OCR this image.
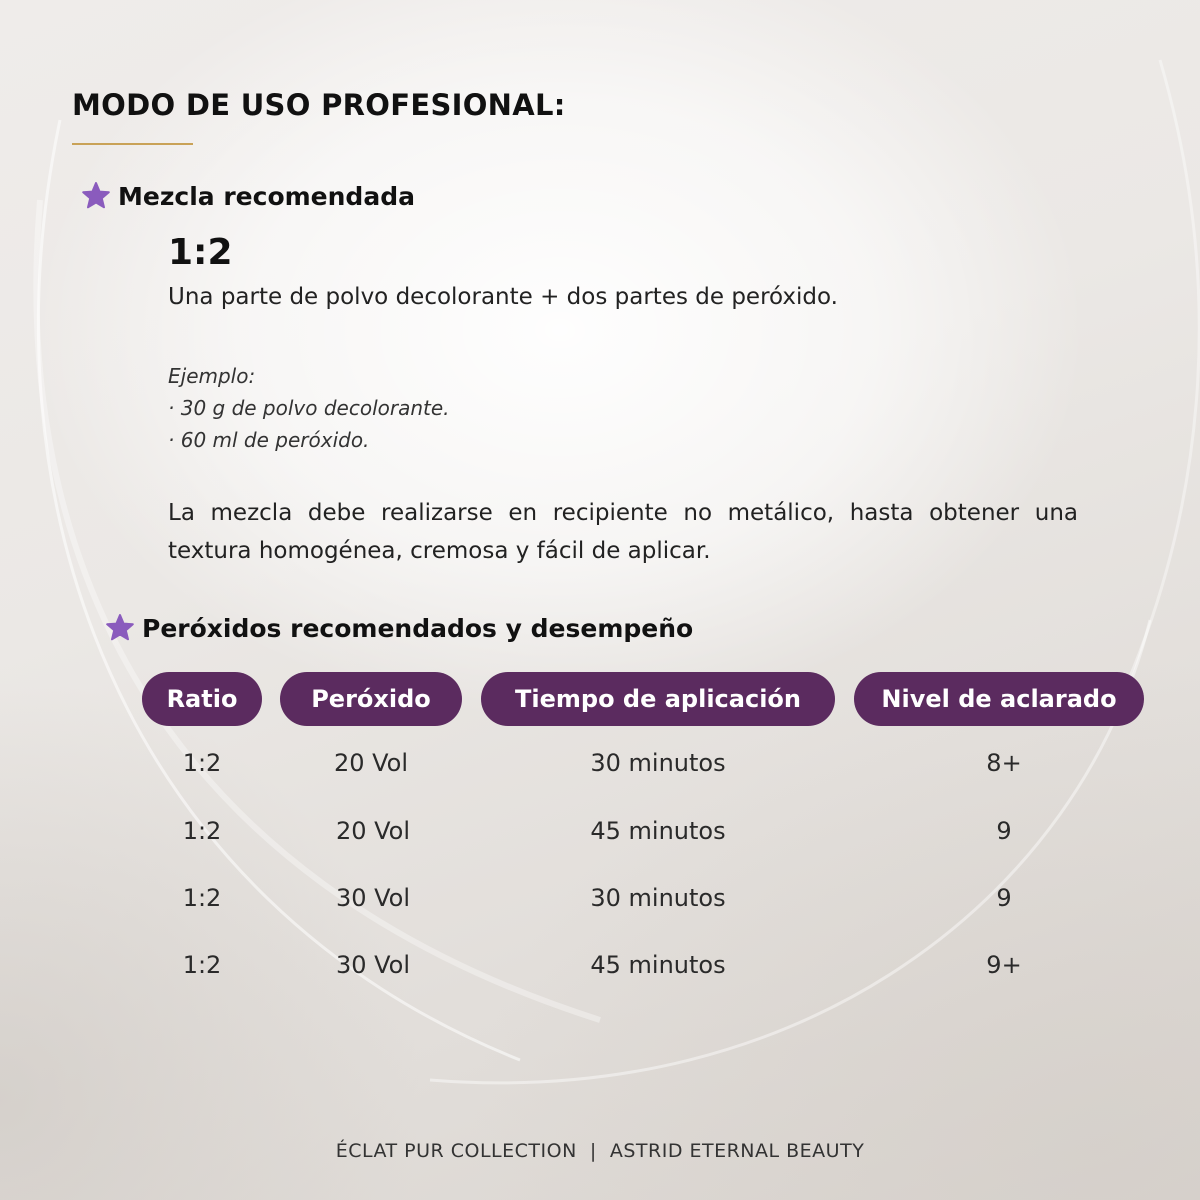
MODO DE USO PROFESIONAL:
Mezcla recomendada
1:2
Una parte de polvo decolorante + dos partes de peróxido.
Ejemplo:
· 30 g de polvo decolorante.
· 60 ml de peróxido.
La mezcla debe realizarse en recipiente no metálico, hasta obtener una textura homogénea, cremosa y fácil de aplicar.
Peróxidos recomendados y desempeño
Ratio	Peróxido	Tiempo de aplicación	Nivel de aclarado
1:2	20 Vol	30 minutos	8+
1:2	20 Vol	45 minutos	9
1:2	30 Vol	30 minutos	9
1:2	30 Vol	45 minutos	9+
ÉCLAT PUR COLLECTION  |  ASTRID ETERNAL BEAUTY
